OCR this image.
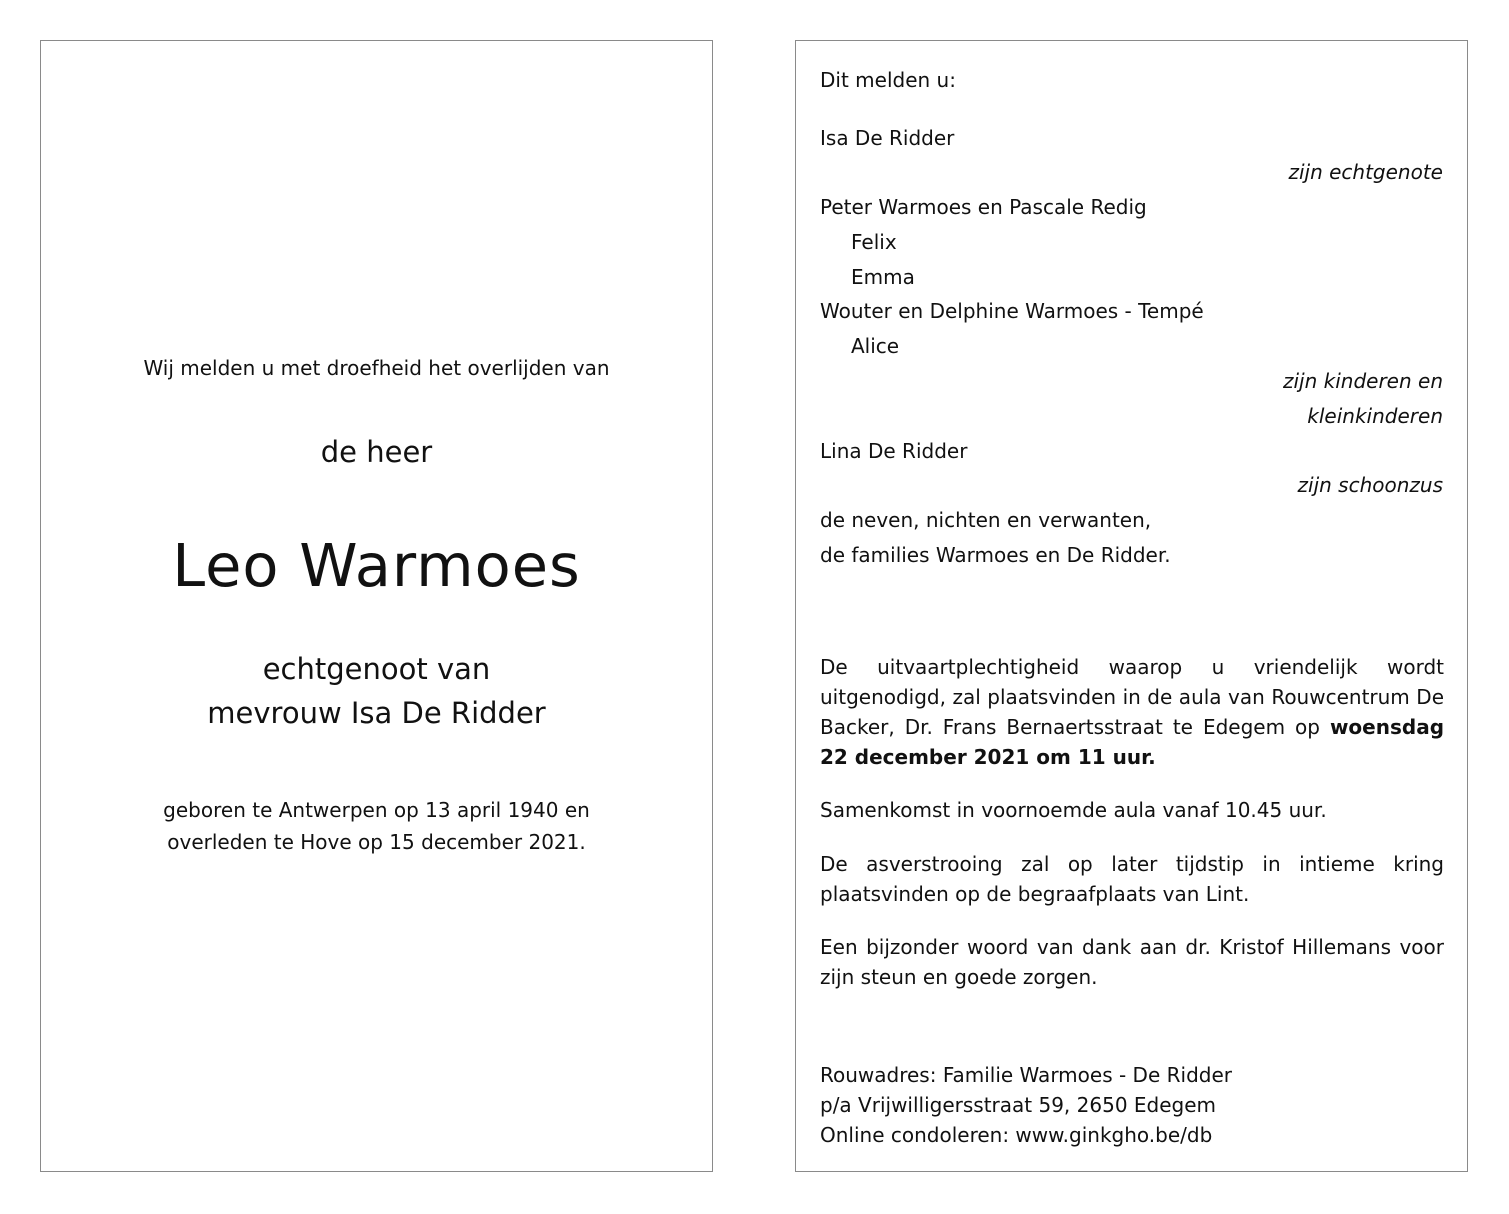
Wij melden u met droefheid het overlijden van
de heer
Leo Warmoes
echtgenoot van
mevrouw Isa De Ridder
geboren te Antwerpen op 13 april 1940 en
overleden te Hove op 15 december 2021.
Dit melden u:
Isa De Ridder
zijn echtgenote
Peter Warmoes en Pascale Redig
Felix
Emma
Wouter en Delphine Warmoes - Tempé
Alice
zijn kinderen en
kleinkinderen
Lina De Ridder
zijn schoonzus
de neven, nichten en verwanten,
de families Warmoes en De Ridder.
De uitvaartplechtigheid waarop u vriendelijk wordt uitgenodigd, zal plaatsvinden in de aula van Rouwcentrum De Backer, Dr. Frans Bernaertsstraat te Edegem op woensdag 22 december 2021 om 11 uur.
Samenkomst in voornoemde aula vanaf 10.45 uur.
De asverstrooing zal op later tijdstip in intieme kring plaatsvinden op de begraafplaats van Lint.
Een bijzonder woord van dank aan dr. Kristof Hillemans voor zijn steun en goede zorgen.
Rouwadres: Familie Warmoes - De Ridder
p/a Vrijwilligersstraat 59, 2650 Edegem
Online condoleren: www.ginkgho.be/db
